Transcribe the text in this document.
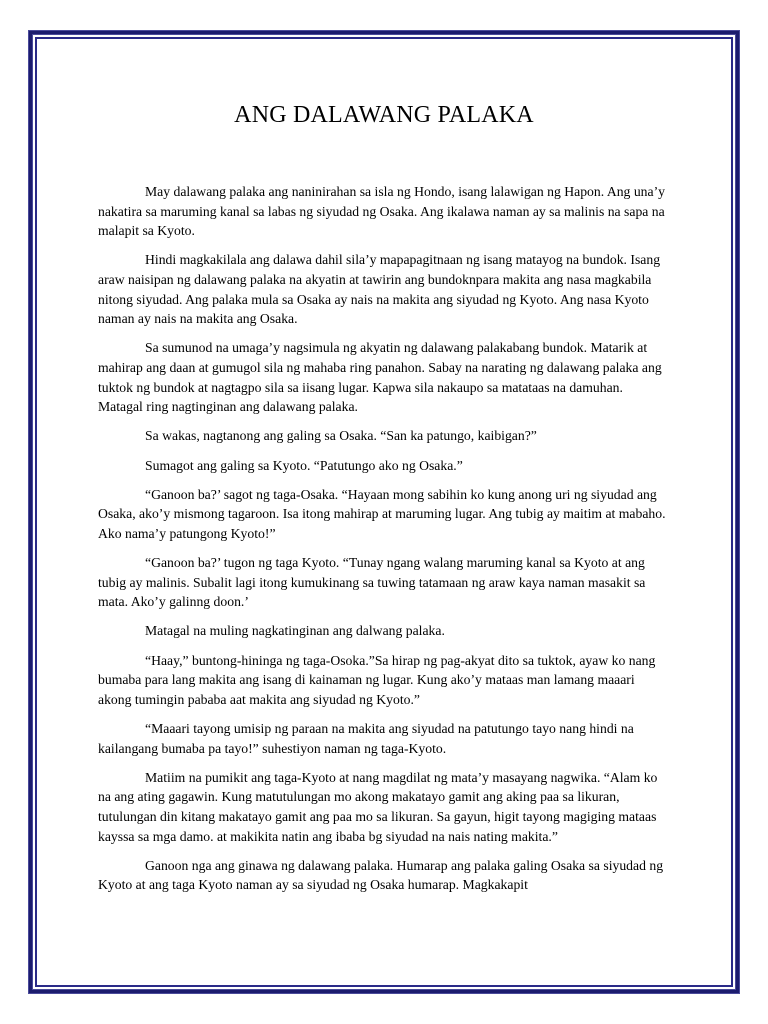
ANG DALAWANG PALAKA

May dalawang palaka ang naninirahan sa isla ng Hondo, isang lalawigan ng Hapon. Ang una’y nakatira sa maruming kanal sa labas ng siyudad ng Osaka. Ang ikalawa naman ay sa malinis na sapa na malapit sa Kyoto.

Hindi magkakilala ang dalawa dahil sila’y mapapagitnaan ng isang matayog na bundok. Isang araw naisipan ng dalawang palaka na akyatin at tawirin ang bundoknpara makita ang nasa magkabila nitong siyudad. Ang palaka mula sa Osaka ay nais na makita ang siyudad ng Kyoto. Ang nasa Kyoto naman ay nais na makita ang Osaka.

Sa sumunod na umaga’y nagsimula ng akyatin ng dalawang palakabang bundok. Matarik at mahirap ang daan at gumugol sila ng mahaba ring panahon. Sabay na narating ng dalawang palaka ang tuktok ng bundok at nagtagpo sila sa iisang lugar. Kapwa sila nakaupo sa matataas na damuhan. Matagal ring nagtinginan ang dalawang palaka.

Sa wakas, nagtanong ang galing sa Osaka. “San ka patungo, kaibigan?”

Sumagot ang galing sa Kyoto. “Patutungo ako ng Osaka.”

“Ganoon ba?’ sagot ng taga-Osaka. “Hayaan mong sabihin ko kung anong uri ng siyudad ang Osaka, ako’y mismong tagaroon. Isa itong mahirap at maruming lugar. Ang tubig ay maitim at mabaho. Ako nama’y patungong Kyoto!”

“Ganoon ba?’ tugon ng taga Kyoto. “Tunay ngang walang maruming kanal sa Kyoto at ang tubig ay malinis. Subalit lagi itong kumukinang sa tuwing tatamaan ng araw kaya naman masakit sa mata. Ako’y galinng doon.’

Matagal na muling nagkatinginan ang dalwang palaka.

“Haay,” buntong-hininga ng taga-Osoka.”Sa hirap ng pag-akyat dito sa tuktok, ayaw ko nang bumaba para lang makita ang isang di kainaman ng lugar. Kung ako’y mataas man lamang maaari akong tumingin pababa aat makita ang siyudad ng Kyoto.”

“Maaari tayong umisip ng paraan na makita ang siyudad na patutungo tayo nang hindi na kailangang bumaba pa tayo!” suhestiyon naman ng taga-Kyoto.

Matiim na pumikit ang taga-Kyoto at nang magdilat ng mata’y masayang nagwika. “Alam ko na ang ating gagawin. Kung matutulungan mo akong makatayo gamit ang aking paa sa likuran, tutulungan din kitang makatayo gamit ang paa mo sa likuran. Sa gayun, higit tayong magiging mataas kayssa sa mga damo. at makikita natin ang ibaba bg siyudad na nais nating makita.”

Ganoon nga ang ginawa ng dalawang palaka. Humarap ang palaka galing Osaka sa siyudad ng Kyoto at ang taga Kyoto naman ay sa siyudad ng Osaka humarap. Magkakapit
